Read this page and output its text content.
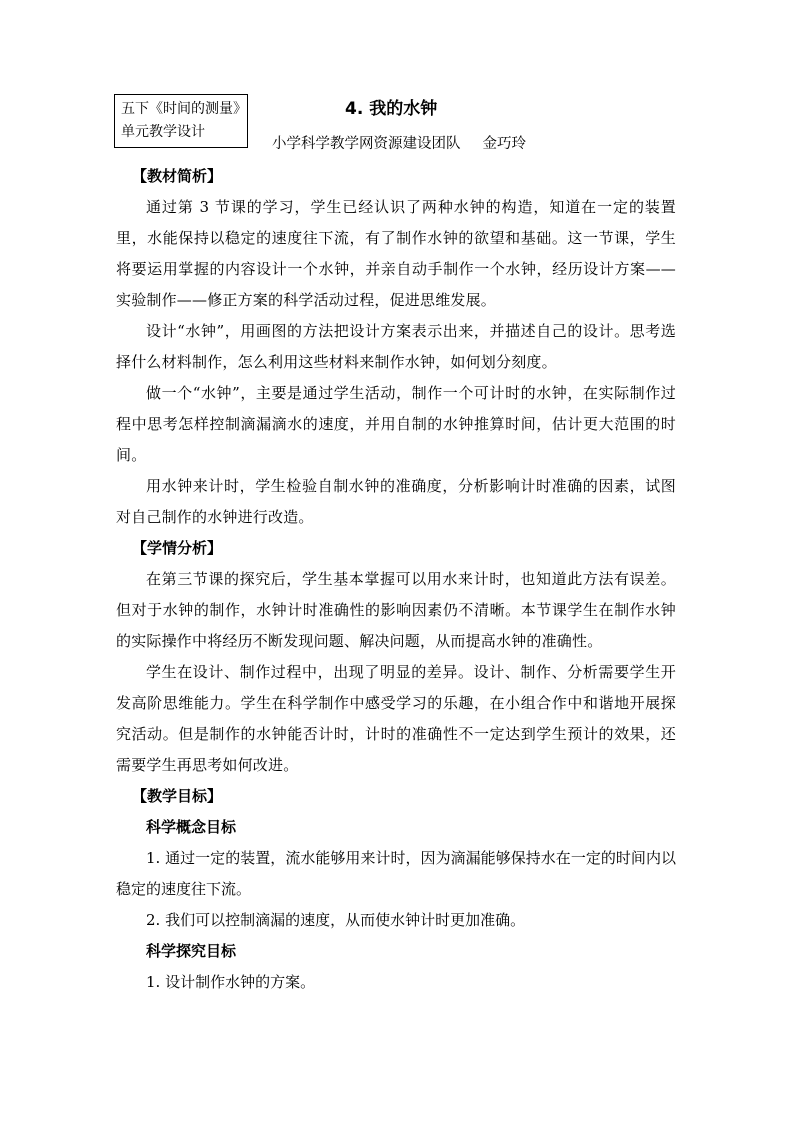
五下《时间的测量》
单元教学设计
4. 我的水钟
小学科学教学网资源建设团队 金巧玲

【教材简析】

通过第 3 节课的学习，学生已经认识了两种水钟的构造，知道在一定的装置里，水能保持以稳定的速度往下流，有了制作水钟的欲望和基础。这一节课，学生将要运用掌握的内容设计一个水钟，并亲自动手制作一个水钟，经历设计方案——实验制作——修正方案的科学活动过程，促进思维发展。

设计“水钟”，用画图的方法把设计方案表示出来，并描述自己的设计。思考选择什么材料制作，怎么利用这些材料来制作水钟，如何划分刻度。

做一个“水钟”，主要是通过学生活动，制作一个可计时的水钟，在实际制作过程中思考怎样控制滴漏滴水的速度，并用自制的水钟推算时间，估计更大范围的时间。

用水钟来计时，学生检验自制水钟的准确度，分析影响计时准确的因素，试图对自己制作的水钟进行改造。

【学情分析】

在第三节课的探究后，学生基本掌握可以用水来计时，也知道此方法有误差。但对于水钟的制作，水钟计时准确性的影响因素仍不清晰。本节课学生在制作水钟的实际操作中将经历不断发现问题、解决问题，从而提高水钟的准确性。

学生在设计、制作过程中，出现了明显的差异。设计、制作、分析需要学生开发高阶思维能力。学生在科学制作中感受学习的乐趣，在小组合作中和谐地开展探究活动。但是制作的水钟能否计时，计时的准确性不一定达到学生预计的效果，还需要学生再思考如何改进。

【教学目标】

科学概念目标

1. 通过一定的装置，流水能够用来计时，因为滴漏能够保持水在一定的时间内以稳定的速度往下流。

2. 我们可以控制滴漏的速度，从而使水钟计时更加准确。

科学探究目标

1. 设计制作水钟的方案。
